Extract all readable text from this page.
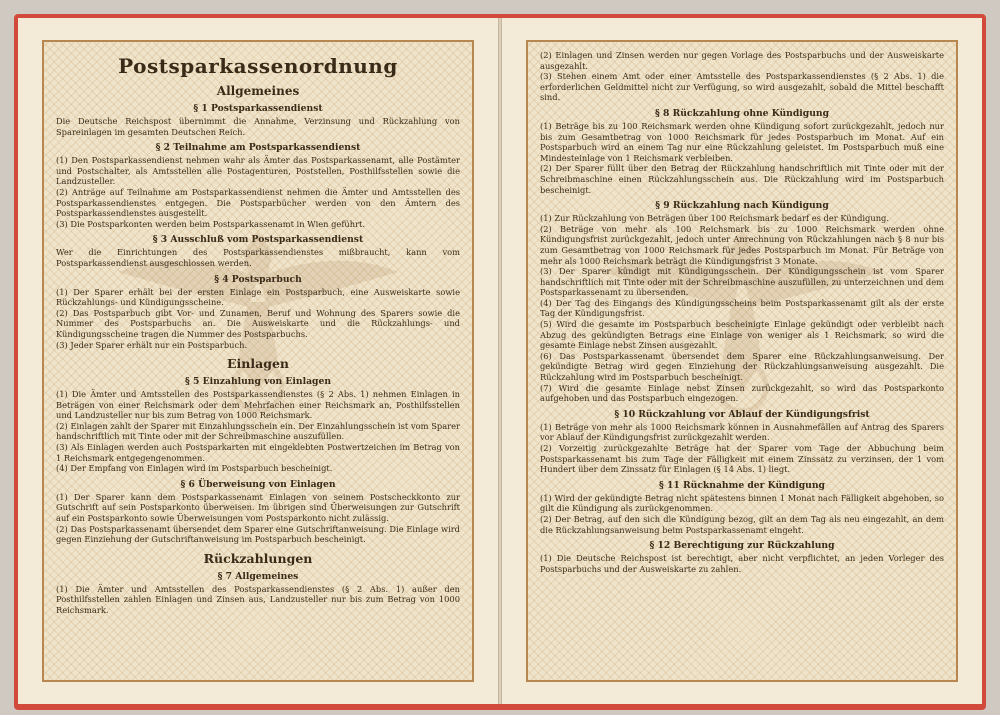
Postsparkassenordnung
Allgemeines
§ 1 Postsparkassendienst

Die Deutsche Reichspost übernimmt die Annahme, Verzinsung und Rückzahlung von Spareinlagen im gesamten Deutschen Reich.

§ 2 Teilnahme am Postsparkassendienst

(1) Den Postsparkassendienst nehmen wahr als Ämter das Postsparkassenamt, alle Postämter und Postschalter, als Amtsstellen alle Postagenturen, Poststellen, Posthilfsstellen sowie die Landzusteller.

(2) Anträge auf Teilnahme am Postsparkassendienst nehmen die Ämter und Amtsstellen des Postsparkassendienstes entgegen. Die Postsparbücher werden von den Ämtern des Postsparkassendienstes ausgestellt.

(3) Die Postsparkonten werden beim Postsparkassenamt in Wien geführt.

§ 3 Ausschluß vom Postsparkassendienst

Wer die Einrichtungen des Postsparkassendienstes mißbraucht, kann vom Postsparkassendienst ausgeschlossen werden.

§ 4 Postsparbuch

(1) Der Sparer erhält bei der ersten Einlage ein Postsparbuch, eine Ausweiskarte sowie Rückzahlungs- und Kündigungsscheine.

(2) Das Postsparbuch gibt Vor- und Zunamen, Beruf und Wohnung des Sparers sowie die Nummer des Postsparbuchs an. Die Ausweiskarte und die Rückzahlungs- und Kündigungsscheine tragen die Nummer des Postsparbuchs.

(3) Jeder Sparer erhält nur ein Postsparbuch.

Einlagen
§ 5 Einzahlung von Einlagen

(1) Die Ämter und Amtsstellen des Postsparkassendienstes (§ 2 Abs. 1) nehmen Einlagen in Beträgen von einer Reichsmark oder dem Mehrfachen einer Reichsmark an, Posthilfsstellen und Landzusteller nur bis zum Betrag von 1000 Reichsmark.

(2) Einlagen zahlt der Sparer mit Einzahlungsschein ein. Der Einzahlungsschein ist vom Sparer handschriftlich mit Tinte oder mit der Schreibmaschine auszufüllen.

(3) Als Einlagen werden auch Postsparkarten mit eingeklebten Postwertzeichen im Betrag von 1 Reichsmark entgegengenommen.

(4) Der Empfang von Einlagen wird im Postsparbuch bescheinigt.

§ 6 Überweisung von Einlagen

(1) Der Sparer kann dem Postsparkassenamt Einlagen von seinem Postscheckkonto zur Gutschrift auf sein Postsparkonto überweisen. Im übrigen sind Überweisungen zur Gutschrift auf ein Postsparkonto sowie Überweisungen vom Postsparkonto nicht zulässig.

(2) Das Postsparkassenamt übersendet dem Sparer eine Gutschriftanweisung. Die Einlage wird gegen Einziehung der Gutschriftanweisung im Postsparbuch bescheinigt.

Rückzahlungen
§ 7 Allgemeines

(1) Die Ämter und Amtsstellen des Postsparkassendienstes (§ 2 Abs. 1) außer den Posthilfsstellen zahlen Einlagen und Zinsen aus, Landzusteller nur bis zum Betrag von 1000 Reichsmark.

(2) Einlagen und Zinsen werden nur gegen Vorlage des Postsparbuchs und der Ausweiskarte ausgezahlt.

(3) Stehen einem Amt oder einer Amtsstelle des Postsparkassendienstes (§ 2 Abs. 1) die erforderlichen Geldmittel nicht zur Verfügung, so wird ausgezahlt, sobald die Mittel beschafft sind.

§ 8 Rückzahlung ohne Kündigung

(1) Beträge bis zu 100 Reichsmark werden ohne Kündigung sofort zurückgezahlt, jedoch nur bis zum Gesamtbetrag von 1000 Reichsmark für jedes Postsparbuch im Monat. Auf ein Postsparbuch wird an einem Tag nur eine Rückzahlung geleistet. Im Postsparbuch muß eine Mindesteinlage von 1 Reichsmark verbleiben.

(2) Der Sparer füllt über den Betrag der Rückzahlung handschriftlich mit Tinte oder mit der Schreibmaschine einen Rückzahlungsschein aus. Die Rückzahlung wird im Postsparbuch bescheinigt.

§ 9 Rückzahlung nach Kündigung

(1) Zur Rückzahlung von Beträgen über 100 Reichsmark bedarf es der Kündigung.

(2) Beträge von mehr als 100 Reichsmark bis zu 1000 Reichsmark werden ohne Kündigungsfrist zurückgezahlt, jedoch unter Anrechnung von Rückzahlungen nach § 8 nur bis zum Gesamtbetrag von 1000 Reichsmark für jedes Postsparbuch im Monat. Für Beträge von mehr als 1000 Reichsmark beträgt die Kündigungsfrist 3 Monate.

(3) Der Sparer kündigt mit Kündigungsschein. Der Kündigungsschein ist vom Sparer handschriftlich mit Tinte oder mit der Schreibmaschine auszufüllen, zu unterzeichnen und dem Postsparkassenamt zu übersenden.

(4) Der Tag des Eingangs des Kündigungsscheins beim Postsparkassenamt gilt als der erste Tag der Kündigungsfrist.

(5) Wird die gesamte im Postsparbuch bescheinigte Einlage gekündigt oder verbleibt nach Abzug des gekündigten Betrags eine Einlage von weniger als 1 Reichsmark, so wird die gesamte Einlage nebst Zinsen ausgezahlt.

(6) Das Postsparkassenamt übersendet dem Sparer eine Rückzahlungsanweisung. Der gekündigte Betrag wird gegen Einziehung der Rückzahlungsanweisung ausgezahlt. Die Rückzahlung wird im Postsparbuch bescheinigt.

(7) Wird die gesamte Einlage nebst Zinsen zurückgezahlt, so wird das Postsparkonto aufgehoben und das Postsparbuch eingezogen.

§ 10 Rückzahlung vor Ablauf der Kündigungsfrist

(1) Beträge von mehr als 1000 Reichsmark können in Ausnahmefällen auf Antrag des Sparers vor Ablauf der Kündigungsfrist zurückgezahlt werden.

(2) Vorzeitig zurückgezahlte Beträge hat der Sparer vom Tage der Abbuchung beim Postsparkassenamt bis zum Tage der Fälligkeit mit einem Zinssatz zu verzinsen, der 1 vom Hundert über dem Zinssatz für Einlagen (§ 14 Abs. 1) liegt.

§ 11 Rücknahme der Kündigung

(1) Wird der gekündigte Betrag nicht spätestens binnen 1 Monat nach Fälligkeit abgehoben, so gilt die Kündigung als zurückgenommen.

(2) Der Betrag, auf den sich die Kündigung bezog, gilt an dem Tag als neu eingezahlt, an dem die Rückzahlungsanweisung beim Postsparkassenamt eingeht.

§ 12 Berechtigung zur Rückzahlung

(1) Die Deutsche Reichspost ist berechtigt, aber nicht verpflichtet, an jeden Vorleger des Postsparbuchs und der Ausweiskarte zu zahlen.
